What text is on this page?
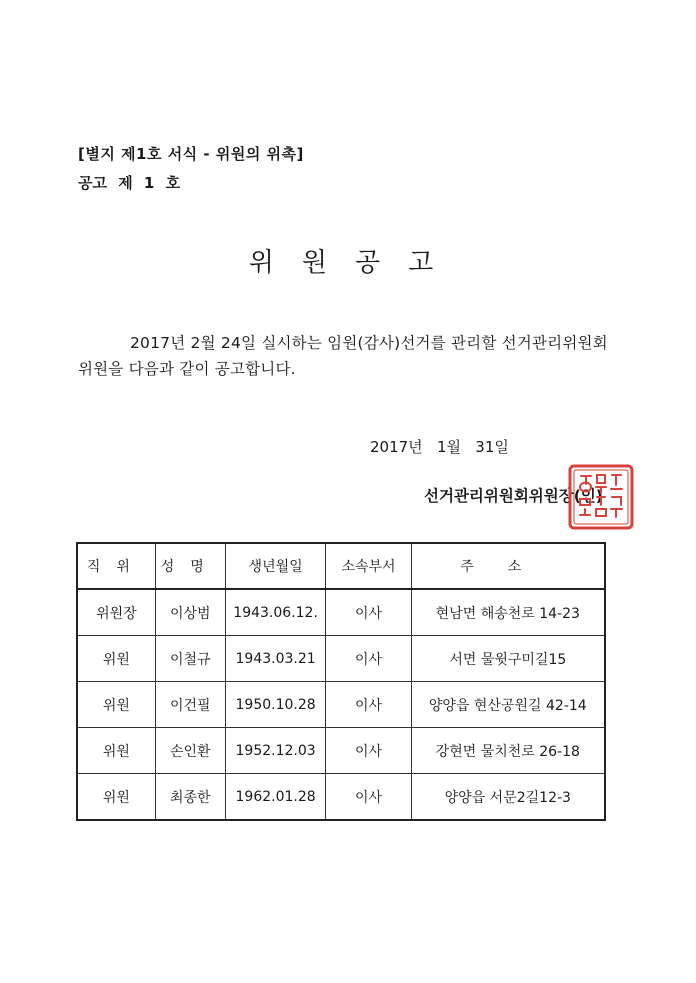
[별지 제1호 서식 - 위원의 위촉]
공고 제 1 호
위원공고
2017년 2월 24일 실시하는 임원(감사)선거를 관리할 선거관리위원회 위원을 다음과 같이 공고합니다.
2017년   1월   31일
선거관리위원회위원장(인)
직위	성명	생년월일	소속부서	주소
위원장	이상범	1943.06.12.	이사	현남면 해송천로 14-23
위원	이철규	1943.03.21	이사	서면 물윗구미길15
위원	이건필	1950.10.28	이사	양양읍 현산공원길 42-14
위원	손인환	1952.12.03	이사	강현면 물치천로 26-18
위원	최종한	1962.01.28	이사	양양읍 서문2길12-3
